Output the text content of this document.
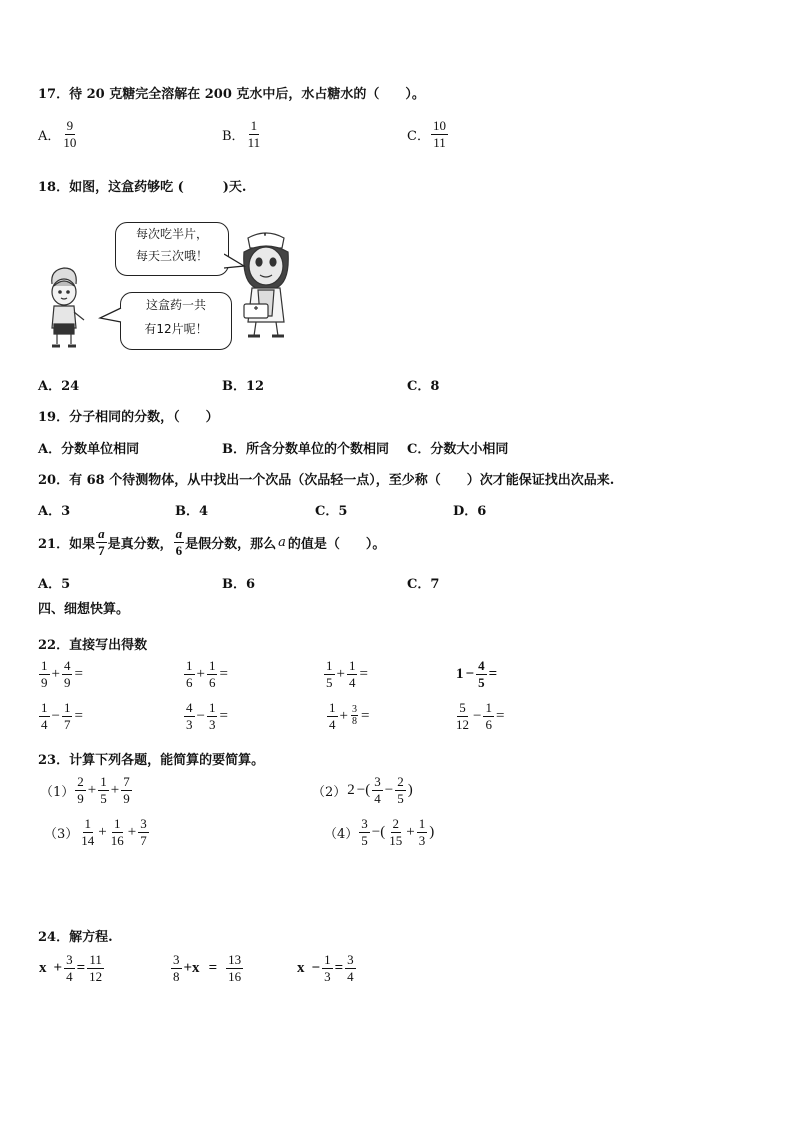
17．待 20 克糖完全溶解在 200 克水中后，水占糖水的（　　）。
A． $\frac{9}{10}$	B． $\frac{1}{11}$	C． $\frac{10}{11}$
18．如图，这盒药够吃 (　　　)天.
每次吃半片，
每天三次哦！
这盒药一共
有12片呢！
A．24	B．12	C．8
19．分子相同的分数，（　　）
A．分数单位相同	B．所含分数单位的个数相同 C．分数大小相同
20．有 68 个待测物体，从中找出一个次品（次品轻一点），至少称（　　）次才能保证找出次品来.
A．3	B．4	C．5	D．6
21．如果 $\frac{a}{7}$ 是真分数， $\frac{a}{6}$ 是假分数，那么 a 的值是（　　）。
A．5	B．6	C．7
四、细想快算。
22．直接写出得数
$\frac{1}{9} + \frac{4}{9}$ =	$\frac{1}{6} + \frac{1}{6}$ =	$\frac{1}{5} + \frac{1}{4}$ =	$1 - \frac{4}{5}$ =
$\frac{1}{4} - \frac{1}{7}$ =	$\frac{4}{3} - \frac{1}{3}$ =	$\frac{1}{4} + \frac{3}{8}$ =	$\frac{5}{12} - \frac{1}{6}$ =
23．计算下列各题，能简算的要简算。
$(1) \frac{2}{9} + \frac{1}{5} + \frac{7}{9}$	（2） 2 −( $\frac{3}{4} - \frac{2}{5}$ )
$(3) \frac{1}{14} + \frac{1}{16} + \frac{3}{7}$	$(4) \frac{3}{5}$ −( $\frac{2}{15} + \frac{1}{3}$ )
24．解方程.
$x + \frac{3}{4} = \frac{11}{12}$	$\frac{3}{8} +x = \frac{13}{16}$	$x - \frac{1}{3} = \frac{3}{4}$
